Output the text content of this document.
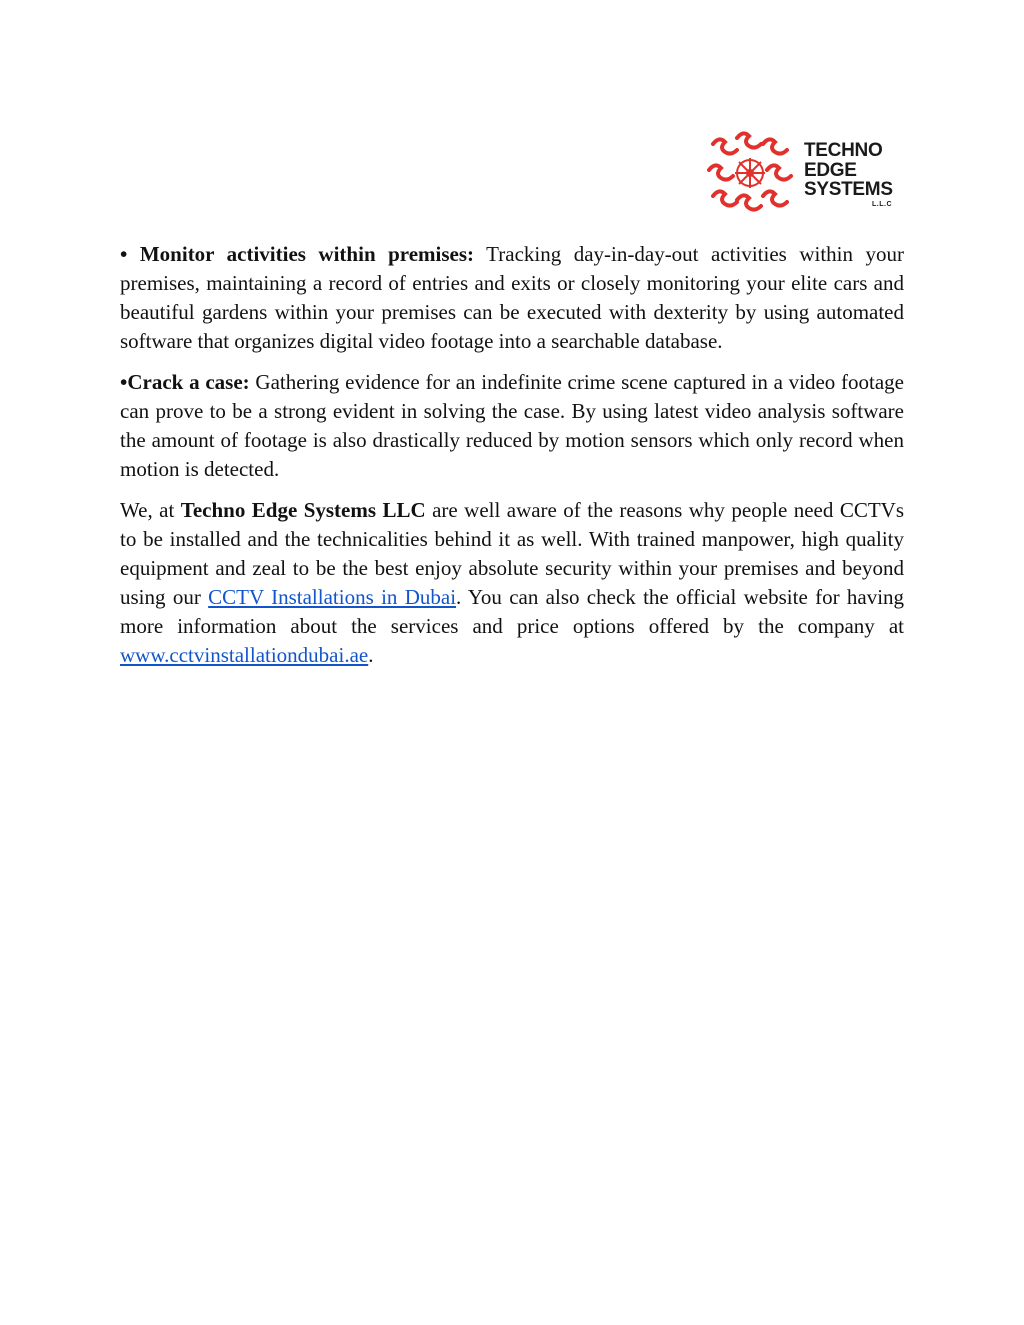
TECHNO
EDGE
SYSTEMS
L.L.C

• Monitor activities within premises: Tracking day-in-day-out activities within your premises, maintaining a record of entries and exits or closely monitoring your elite cars and beautiful gardens within your premises can be executed with dexterity by using automated software that organizes digital video footage into a searchable database.

•Crack a case: Gathering evidence for an indefinite crime scene captured in a video footage can prove to be a strong evident in solving the case. By using latest video analysis software the amount of footage is also drastically reduced by motion sensors which only record when motion is detected.

We, at Techno Edge Systems LLC are well aware of the reasons why people need CCTVs to be installed and the technicalities behind it as well. With trained manpower, high quality equipment and zeal to be the best enjoy absolute security within your premises and beyond using our CCTV Installations in Dubai. You can also check the official website for having more information about the services and price options offered by the company at www.cctvinstallationdubai.ae.
